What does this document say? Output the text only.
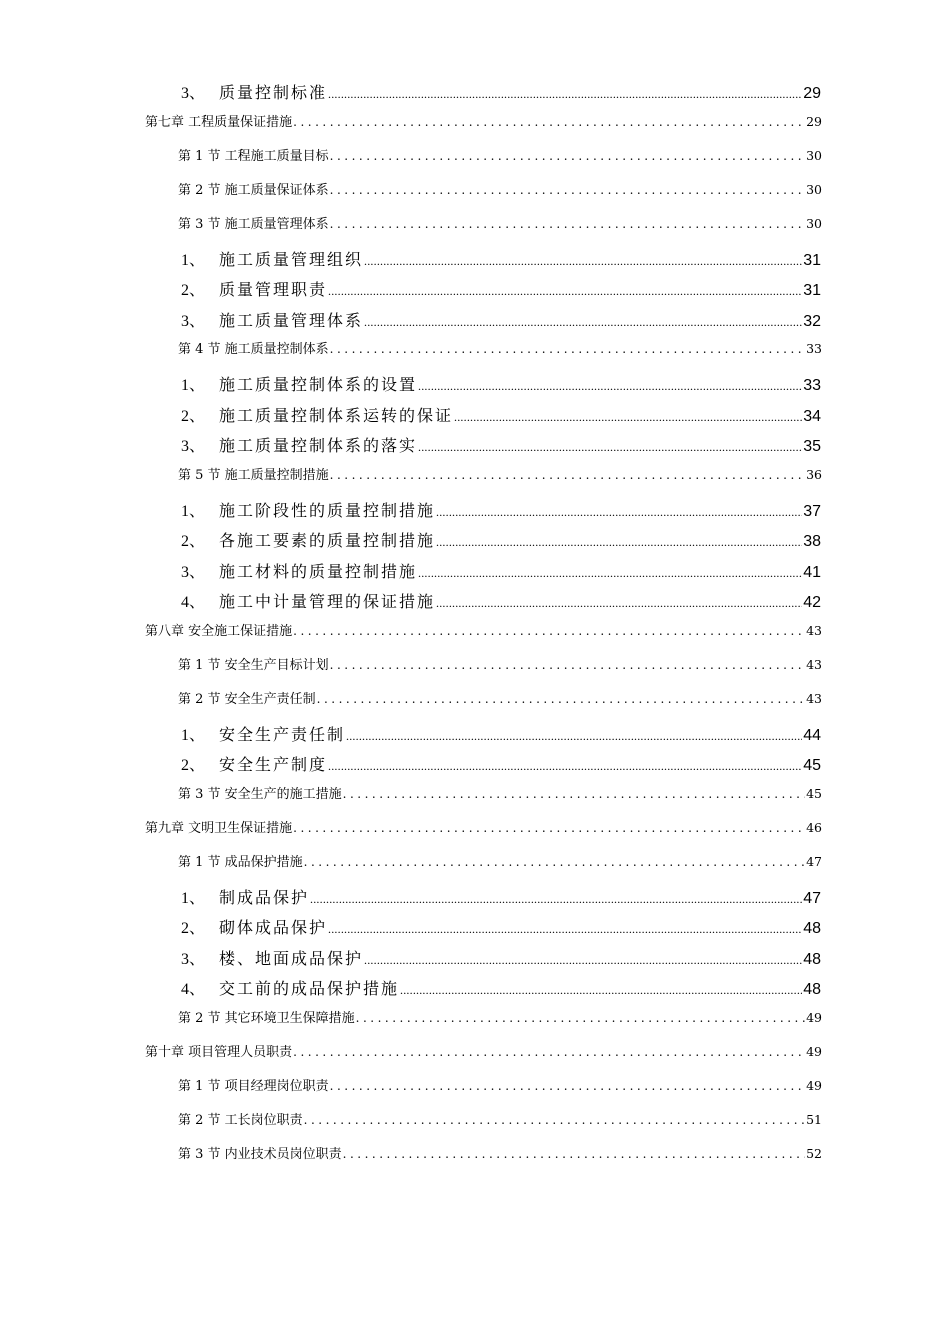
3、 质量控制标准 .....	29
第七章 工程质量保证措施 .....	29
第 1 节 工程施工质量目标 .....	30
第 2 节 施工质量保证体系 .....	30
第 3 节 施工质量管理体系 .....	30
1、 施工质量管理组织 .....	31
2、 质量管理职责 .....	31
3、 施工质量管理体系 .....	32
第 4 节 施工质量控制体系 .....	33
1、 施工质量控制体系的设置 .....	33
2、 施工质量控制体系运转的保证 .....	34
3、 施工质量控制体系的落实 .....	35
第 5 节 施工质量控制措施 .....	36
1、 施工阶段性的质量控制措施 .....	37
2、 各施工要素的质量控制措施 .....	38
3、 施工材料的质量控制措施 .....	41
4、 施工中计量管理的保证措施 .....	42
第八章 安全施工保证措施 .....	43
第 1 节 安全生产目标计划 .....	43
第 2 节 安全生产责任制 .....	43
1、 安全生产责任制 .....	44
2、 安全生产制度 .....	45
第 3 节 安全生产的施工措施 .....	45
第九章 文明卫生保证措施 .....	46
第 1 节 成品保护措施 .....	47
1、 制成品保护 .....	47
2、 砌体成品保护 .....	48
3、 楼、地面成品保护 .....	48
4、 交工前的成品保护措施 .....	48
第 2 节 其它环境卫生保障措施 .....	49
第十章 项目管理人员职责 .....	49
第 1 节 项目经理岗位职责 .....	49
第 2 节 工长岗位职责 .....	51
第 3 节 内业技术员岗位职责 .....	52
